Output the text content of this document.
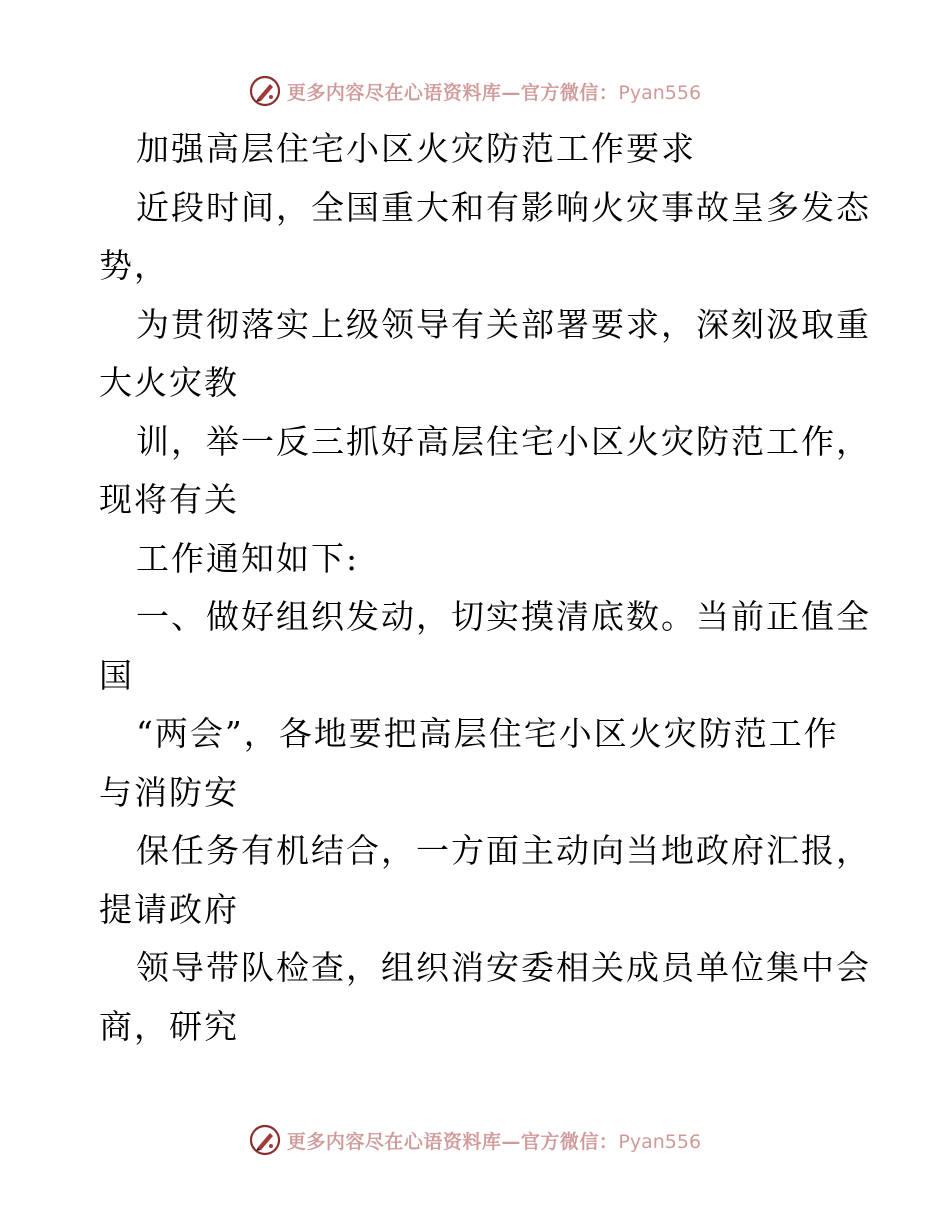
更多内容尽在心语资料库—官方微信：Pyan556
加强高层住宅小区火灾防范工作要求
近段时间，全国重大和有影响火灾事故呈多发态
势，
为贯彻落实上级领导有关部署要求，深刻汲取重
大火灾教
训，举一反三抓好高层住宅小区火灾防范工作，
现将有关
工作通知如下:
一、做好组织发动，切实摸清底数。当前正值全
国
“两会”，各地要把高层住宅小区火灾防范工作
与消防安
保任务有机结合，一方面主动向当地政府汇报，
提请政府
领导带队检查，组织消安委相关成员单位集中会
商，研究
更多内容尽在心语资料库—官方微信：Pyan556
